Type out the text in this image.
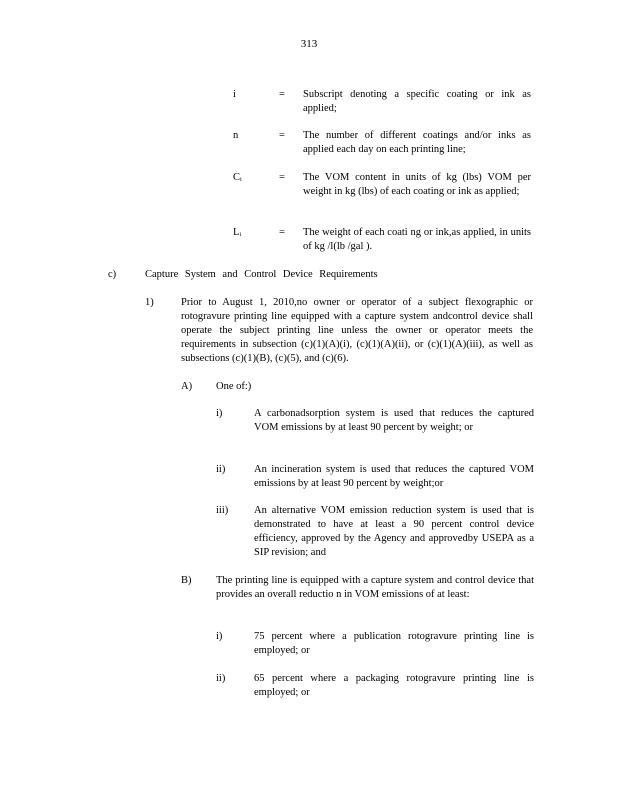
313
i	=	Subscript denoting a specific coating or ink as applied;
n	=	The number of different coatings and/or inks as applied each day on each printing line;
Cᵢ	=	The VOM content in units of kg (lbs) VOM per weight in kg (lbs) of each coating or ink as applied;
Lᵢ	=	The weight of each coati ng or ink,as applied, in units of kg /l(lb /gal ).
c)	Capture System and Control Device Requirements
1)	Prior to August 1, 2010,no owner or operator of a subject flexographic or rotogravure printing line equipped with a capture system andcontrol device shall operate the subject printing line unless the owner or operator meets the requirements in subsection (c)(1)(A)(i), (c)(1)(A)(ii), or (c)(1)(A)(iii), as well as subsections (c)(1)(B), (c)(5), and (c)(6).
A) One of:)
i)	A carbonadsorption system is used that reduces the captured VOM emissions by at least 90 percent by weight; or
ii)	An incineration system is used that reduces the captured VOM emissions by at least 90 percent by weight;or
iii) An alternative VOM emission reduction system is used that is demonstrated to have at least a 90 percent control device efficiency, approved by the Agency and approvedby USEPA as a SIP revision; and
B) The printing line is equipped with a capture system and control device that provides an overall reductio n in VOM emissions of at least:
i)	75 percent where a publication rotogravure printing line is employed; or
ii)	65 percent where a packaging rotogravure printing line is employed; or
